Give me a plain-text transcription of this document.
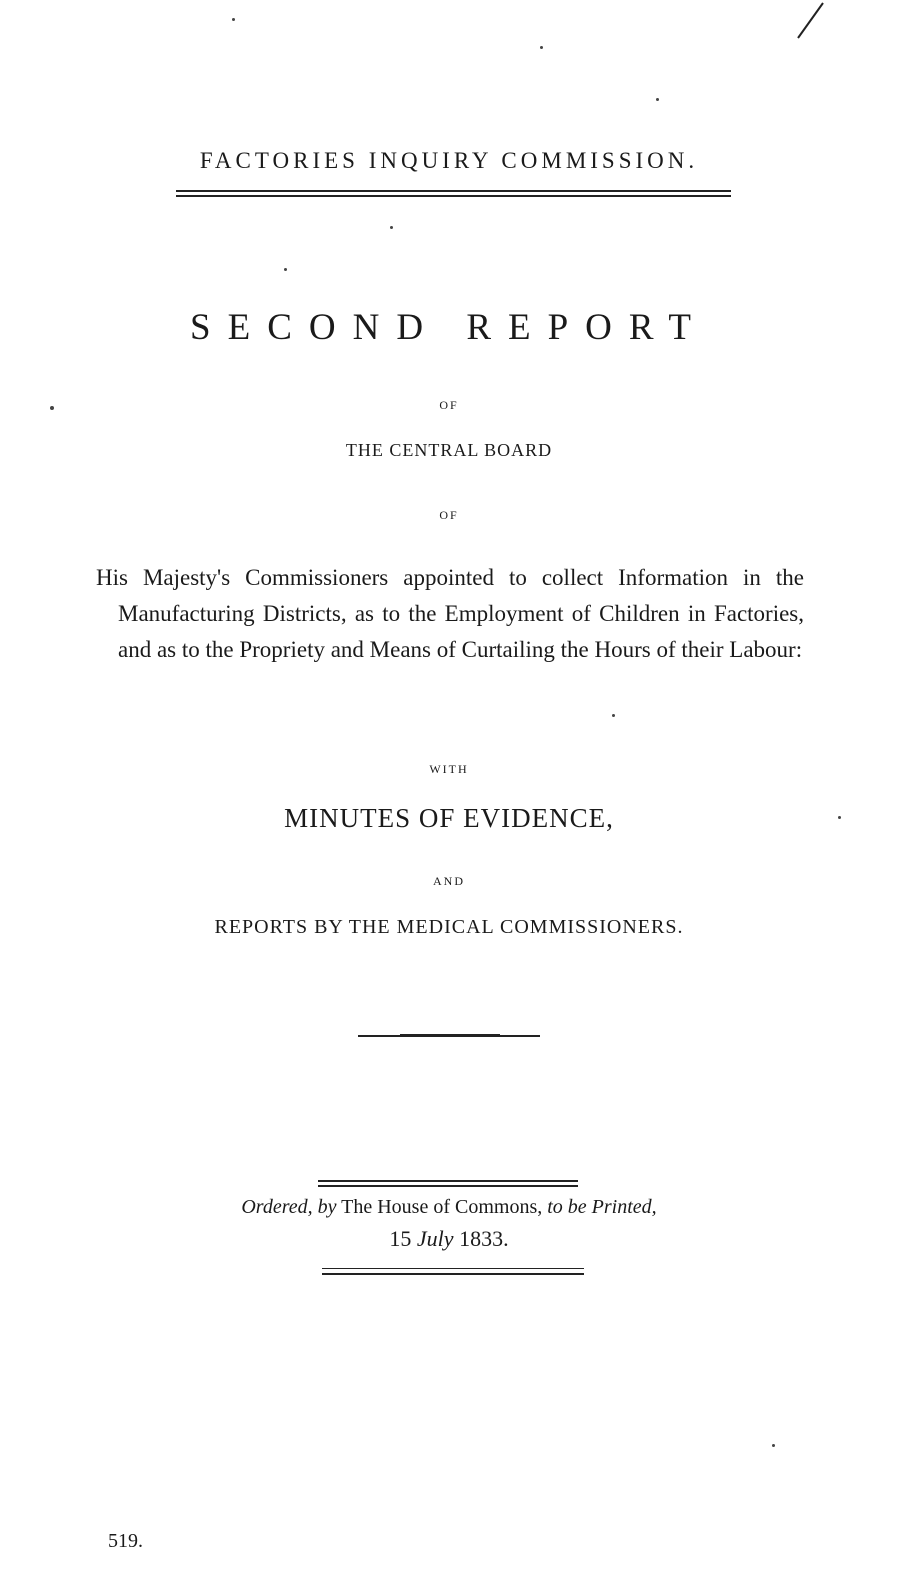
FACTORIES INQUIRY COMMISSION.
SECOND REPORT
OF
THE CENTRAL BOARD
OF

His Majesty's Commissioners appointed to collect Information in the Manufacturing Districts, as to the Employment of Children in Factories, and as to the Propriety and Means of Curtailing the Hours of their Labour:

WITH
MINUTES OF EVIDENCE,
AND
REPORTS BY THE MEDICAL COMMISSIONERS.
Ordered, by The House of Commons, to be Printed,
15 July 1833.
519.
